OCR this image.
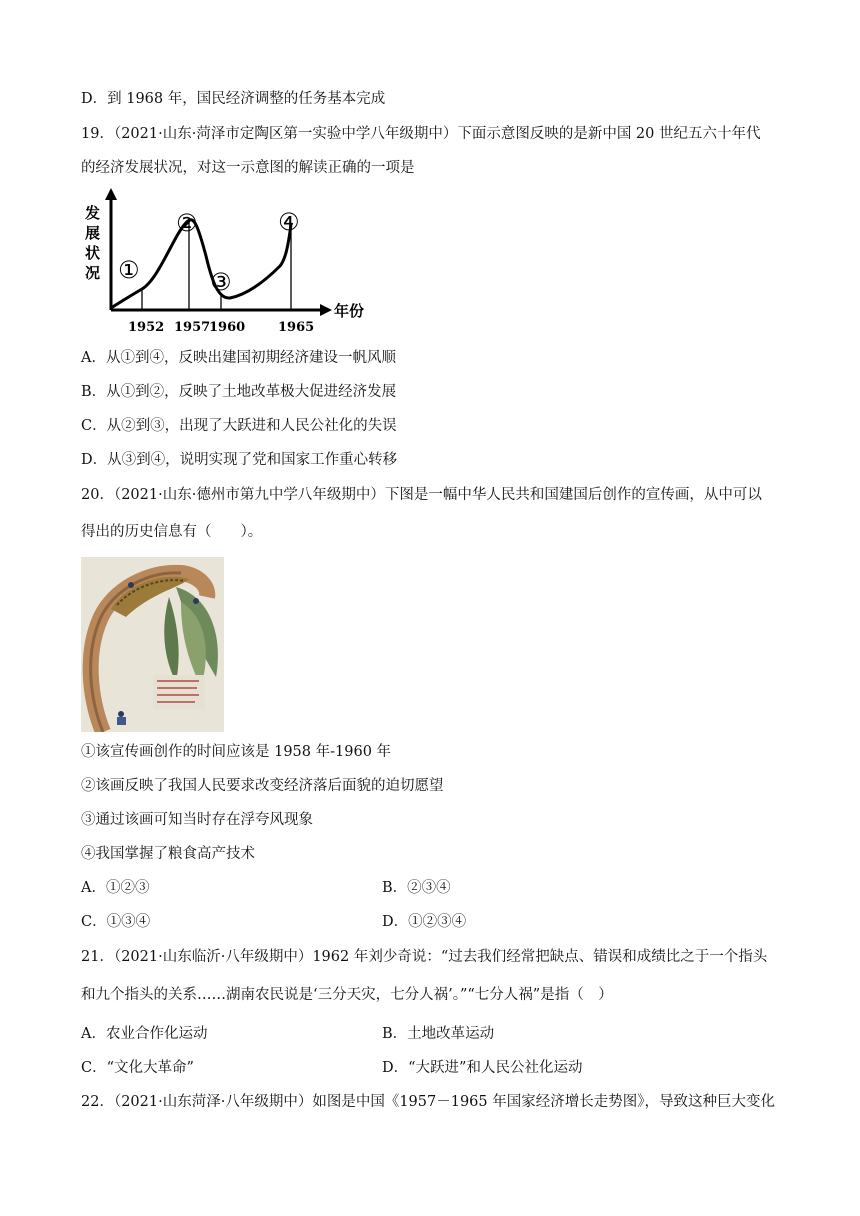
D．到 1968 年，国民经济调整的任务基本完成
19．（2021·山东·菏泽市定陶区第一实验中学八年级期中）下面示意图反映的是新中国 20 世纪五六十年代
的经济发展状况，对这一示意图的解读正确的一项是
发
展
状
况
年份
①
②
③
④
1952 1957
1960	1965
A．从①到④，反映出建国初期经济建设一帆风顺
B．从①到②，反映了土地改革极大促进经济发展
C．从②到③，出现了大跃进和人民公社化的失误
D．从③到④，说明实现了党和国家工作重心转移
20．（2021·山东·德州市第九中学八年级期中）下图是一幅中华人民共和国建国后创作的宣传画，从中可以
得出的历史信息有（　　）。
①该宣传画创作的时间应该是 1958 年-1960 年
②该画反映了我国人民要求改变经济落后面貌的迫切愿望
③通过该画可知当时存在浮夸风现象
④我国掌握了粮食高产技术
A．①②③	B．②③④
C．①③④	D．①②③④
21．（2021·山东临沂·八年级期中）1962 年刘少奇说：“过去我们经常把缺点、错误和成绩比之于一个指头
和九个指头的关系……湖南农民说是‘三分天灾，七分人祸’。”“七分人祸”是指（　）
A．农业合作化运动	B．土地改革运动
C．“文化大革命”	D．“大跃进”和人民公社化运动
22．（2021·山东菏泽·八年级期中）如图是中国《1957－1965 年国家经济增长走势图》，导致这种巨大变化
